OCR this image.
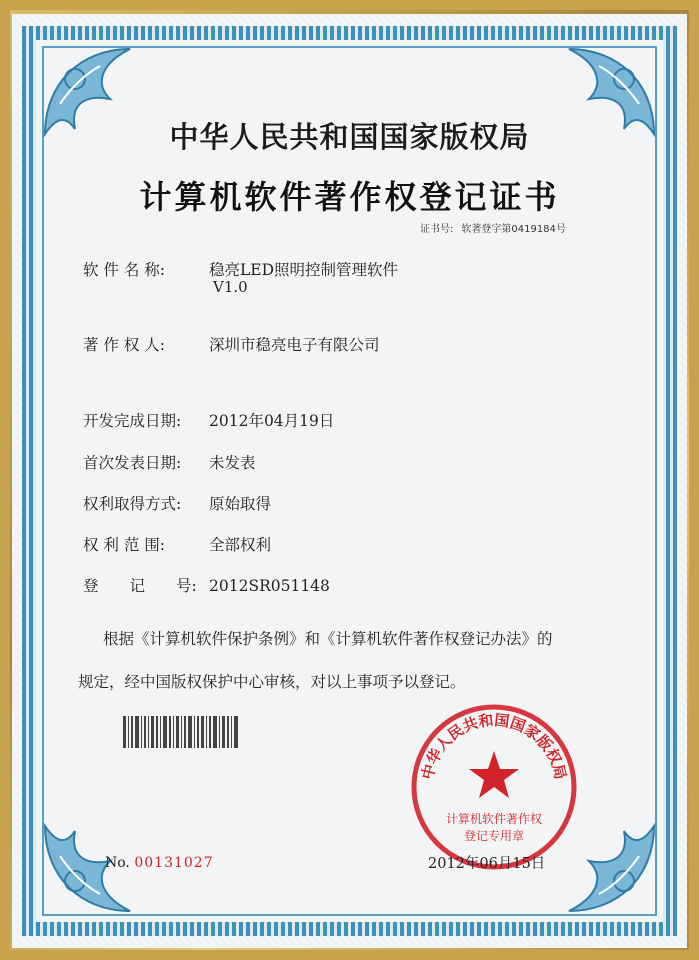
中华人民共和国国家版权局
计算机软件著作权登记证书
证书号: 软著登字第0419184号
软 件 名 称:	稳亮LED照明控制管理软件
V1.0
著 作 权 人:	深圳市稳亮电子有限公司
开发完成日期: 2012年04月19日
首次发表日期: 未发表
权利取得方式: 原始取得
权 利 范 围:	全部权利
登　　记　　号: 2012SR051148
根据《计算机软件保护条例》和《计算机软件著作权登记办法》的
规定，经中国版权保护中心审核，对以上事项予以登记。
中华人民共和国国家版权局
计算机软件著作权
登记专用章
No. 00131027	2012年06月15日
